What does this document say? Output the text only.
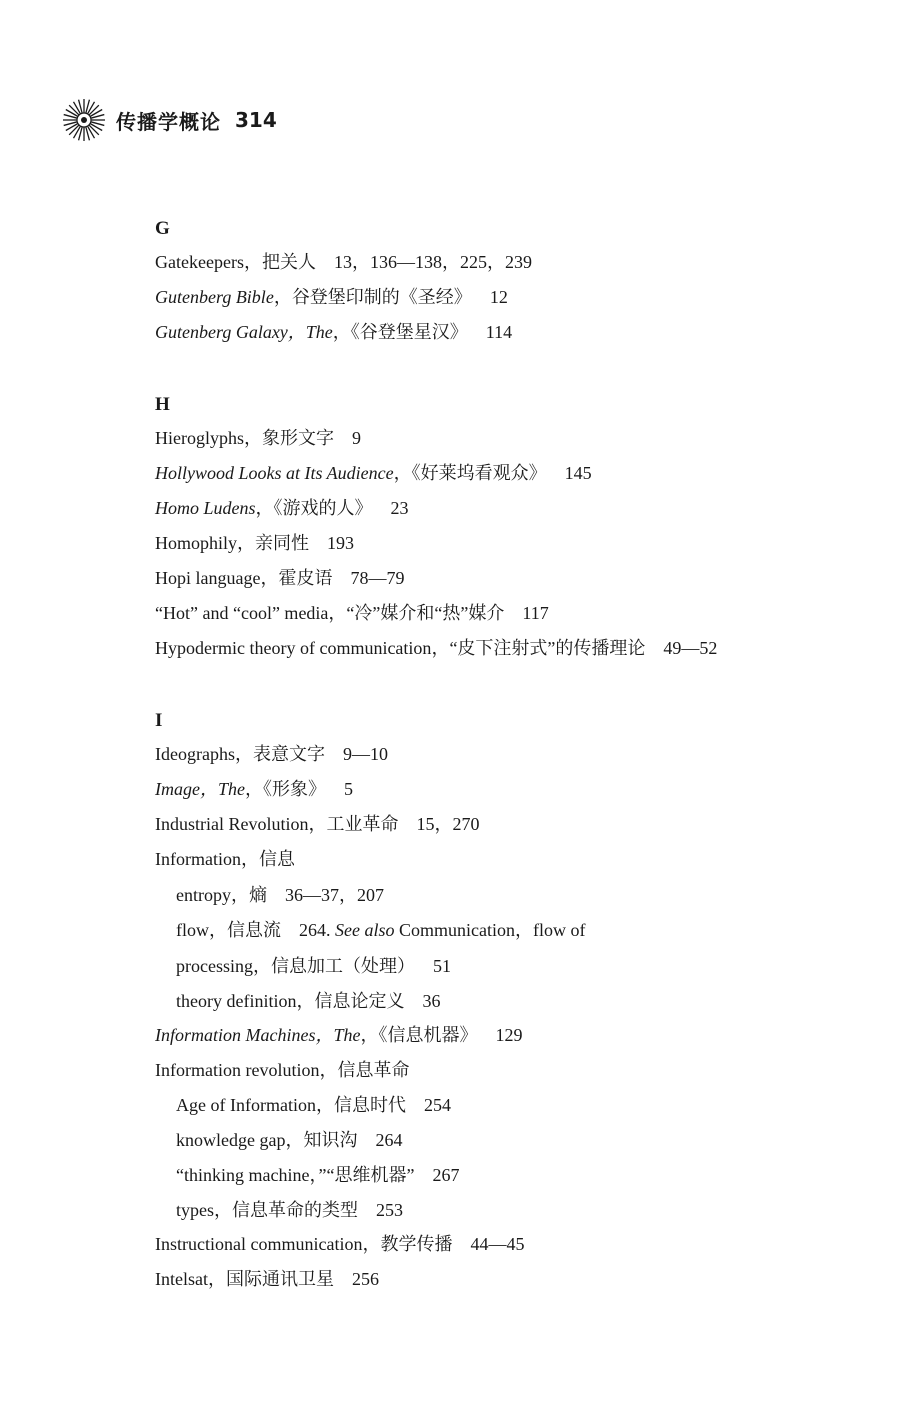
传播学概论 314
G
Gatekeepers，把关人 13，136—138，225，239
Gutenberg Bible，谷登堡印制的《圣经》 12
Gutenberg Galaxy，The，《谷登堡星汉》 114
H
Hieroglyphs，象形文字 9
Hollywood Looks at Its Audience，《好莱坞看观众》 145
Homo Ludens，《游戏的人》 23
Homophily，亲同性 193
Hopi language，霍皮语 78—79
“Hot” and “cool” media，“冷”媒介和“热”媒介 117
Hypodermic theory of communication，“皮下注射式”的传播理论 49—52
I
Ideographs，表意文字 9—10
Image，The，《形象》 5
Industrial Revolution，工业革命 15，270
Information，信息
entropy，熵 36—37，207
flow，信息流 264. See also Communication，flow of
processing，信息加工（处理） 51
theory definition，信息论定义 36
Information Machines，The，《信息机器》 129
Information revolution，信息革命
Age of Information，信息时代 254
knowledge gap，知识沟 264
“thinking machine，”“思维机器” 267
types，信息革命的类型 253
Instructional communication，教学传播 44—45
Intelsat，国际通讯卫星 256
